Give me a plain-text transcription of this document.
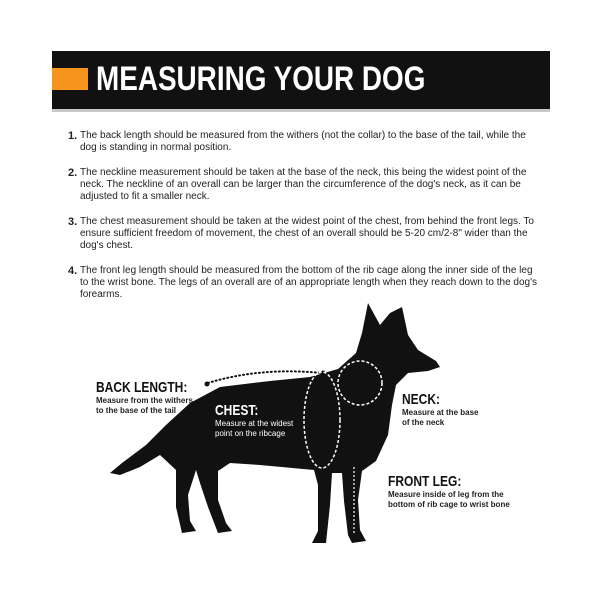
MEASURING YOUR DOG
1. The back length should be measured from the withers (not the collar) to the base of the tail, while the dog is standing in normal position.
2. The neckline measurement should be taken at the base of the neck, this being the widest point of the neck. The neckline of an overall can be larger than the circumference of the dog's neck, as it can be adjusted to fit a smaller neck.
3. The chest measurement should be taken at the widest point of the chest, from behind the front legs. To ensure sufficient freedom of movement, the chest of an overall should be 5-20 cm/2-8" wider than the dog's chest.
4. The front leg length should be measured from the bottom of the rib cage along the inner side of the leg to the wrist bone. The legs of an overall are of an appropriate length when they reach down to the dog's forearms.
BACK LENGTH:
Measure from the withers
to the base of the tail	CHEST:
Measure at the widest
point on the ribcage
NECK:
Measure at the base
of the neck
FRONT LEG:
Measure inside of leg from the
bottom of rib cage to wrist bone
